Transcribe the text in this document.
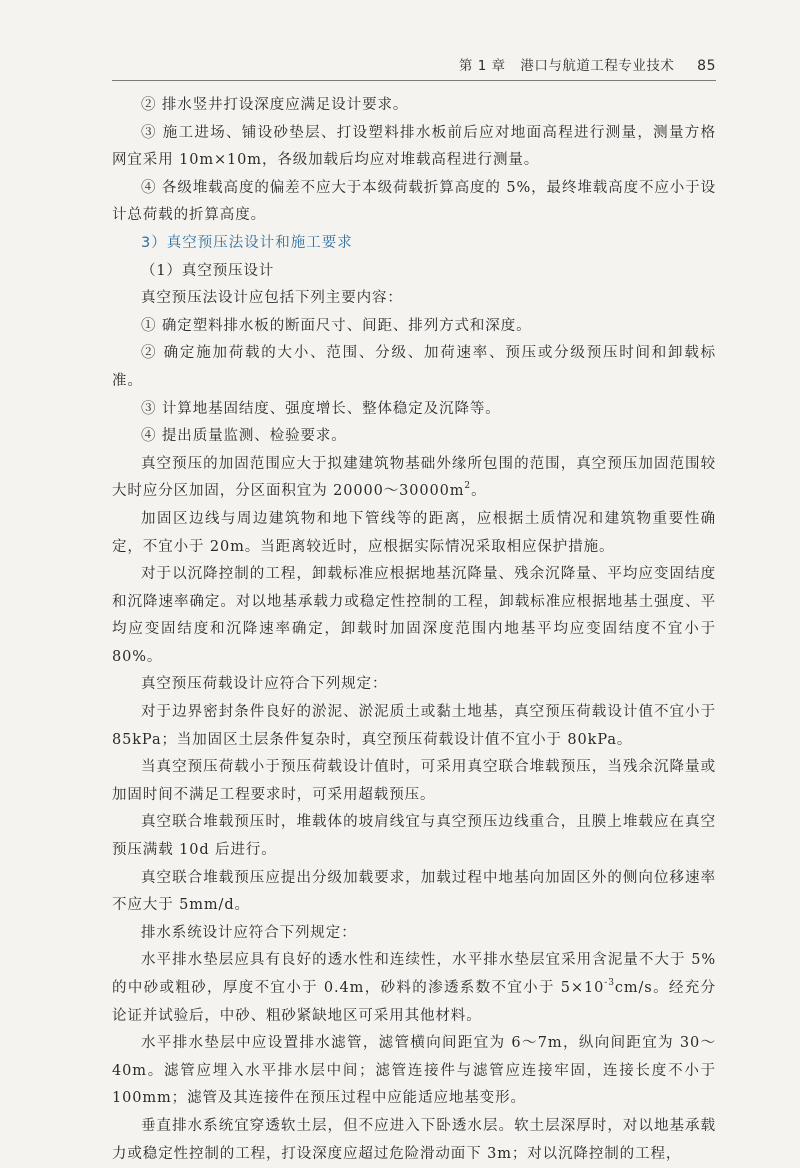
第 1 章 港口与航道工程专业技术 85

② 排水竖井打设深度应满足设计要求。

③ 施工进场、铺设砂垫层、打设塑料排水板前后应对地面高程进行测量，测量方格网宜采用 10m×10m，各级加载后均应对堆载高程进行测量。

④ 各级堆载高度的偏差不应大于本级荷载折算高度的 5%，最终堆载高度不应小于设计总荷载的折算高度。

3）真空预压法设计和施工要求

（1）真空预压设计

真空预压法设计应包括下列主要内容：

① 确定塑料排水板的断面尺寸、间距、排列方式和深度。

② 确定施加荷载的大小、范围、分级、加荷速率、预压或分级预压时间和卸载标准。

③ 计算地基固结度、强度增长、整体稳定及沉降等。

④ 提出质量监测、检验要求。

真空预压的加固范围应大于拟建建筑物基础外缘所包围的范围，真空预压加固范围较大时应分区加固，分区面积宜为 $20000\sim 30000m^2$。

加固区边线与周边建筑物和地下管线等的距离，应根据土质情况和建筑物重要性确定，不宜小于 20m。当距离较近时，应根据实际情况采取相应保护措施。

对于以沉降控制的工程，卸载标准应根据地基沉降量、残余沉降量、平均应变固结度和沉降速率确定。对以地基承载力或稳定性控制的工程，卸载标准应根据地基土强度、平均应变固结度和沉降速率确定，卸载时加固深度范围内地基平均应变固结度不宜小于 80%。

真空预压荷载设计应符合下列规定：

对于边界密封条件良好的淤泥、淤泥质土或黏土地基，真空预压荷载设计值不宜小于 85kPa；当加固区土层条件复杂时，真空预压荷载设计值不宜小于 80kPa。

当真空预压荷载小于预压荷载设计值时，可采用真空联合堆载预压，当残余沉降量或加固时间不满足工程要求时，可采用超载预压。

真空联合堆载预压时，堆载体的坡肩线宜与真空预压边线重合，且膜上堆载应在真空预压满载 10d 后进行。

真空联合堆载预压应提出分级加载要求，加载过程中地基向加固区外的侧向位移速率不应大于 5mm/d。

排水系统设计应符合下列规定：

水平排水垫层应具有良好的透水性和连续性，水平排水垫层宜采用含泥量不大于 5% 的中砂或粗砂，厚度不宜小于 0.4m，砂料的渗透系数不宜小于 $5\times 10^{-3}cm/s$。经充分论证并试验后，中砂、粗砂紧缺地区可采用其他材料。

水平排水垫层中应设置排水滤管，滤管横向间距宜为 6～7m，纵向间距宜为 30～40m。滤管应埋入水平排水层中间；滤管连接件与滤管应连接牢固，连接长度不小于 100mm；滤管及其连接件在预压过程中应能适应地基变形。

垂直排水系统宜穿透软土层，但不应进入下卧透水层。软土层深厚时，对以地基承载力或稳定性控制的工程，打设深度应超过危险滑动面下 3m；对以沉降控制的工程，
